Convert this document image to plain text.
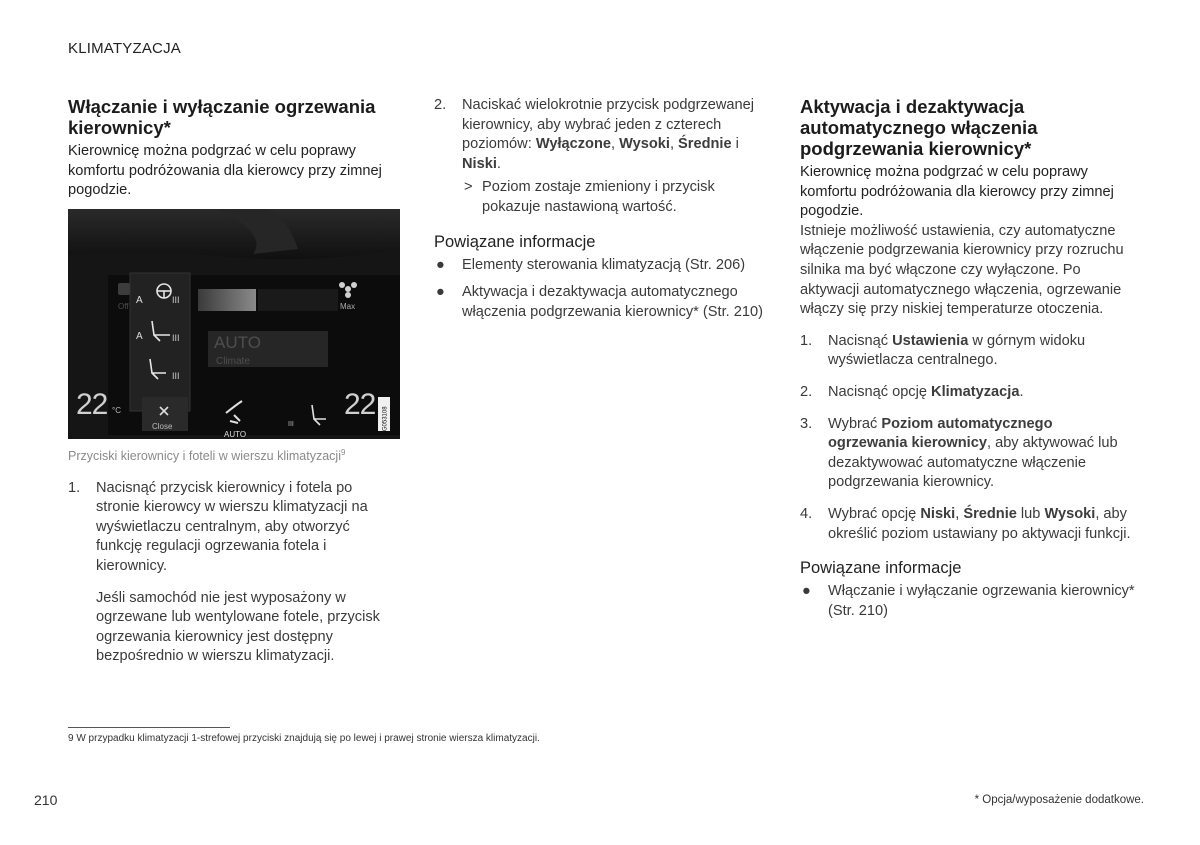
KLIMATYZACJA
Włączanie i wyłączanie ogrzewania kierownicy*

Kierownicę można podgrzać w celu poprawy komfortu podróżowania dla kierowcy przy zimnej pogodzie.

Off
A	III
A	III
III
Max
AUTO
Climate
22 °C
Close
AUTO
III
22	G053108

Przyciski kierownicy i foteli w wierszu klimatyzacji$^9$

1. Nacisnąć przycisk kierownicy i fotela po stronie kierowcy w wierszu klimatyzacji na wyświetlaczu centralnym, aby otworzyć funkcję regulacji ogrzewania fotela i kierownicy.

Jeśli samochód nie jest wyposażony w ogrzewane lub wentylowane fotele, przycisk ogrzewania kierownicy jest dostępny bezpośrednio w wierszu klimatyzacji.

2. Naciskać wielokrotnie przycisk podgrzewanej kierownicy, aby wybrać jeden z czterech poziomów: Wyłączone, Wysoki, Średnie i Niski.
> Poziom zostaje zmieniony i przycisk pokazuje nastawioną wartość.
Powiązane informacje
● Elementy sterowania klimatyzacją (Str. 206)
● Aktywacja i dezaktywacja automatycznego włączenia podgrzewania kierownicy* (Str. 210)
Aktywacja i dezaktywacja automatycznego włączenia podgrzewania kierownicy*

Kierownicę można podgrzać w celu poprawy komfortu podróżowania dla kierowcy przy zimnej pogodzie.

Istnieje możliwość ustawienia, czy automatyczne włączenie podgrzewania kierownicy przy rozruchu silnika ma być włączone czy wyłączone. Po aktywacji automatycznego włączenia, ogrzewanie włączy się przy niskiej temperaturze otoczenia.

1. Nacisnąć Ustawienia w górnym widoku wyświetlacza centralnego.
2. Nacisnąć opcję Klimatyzacja.
3. Wybrać Poziom automatycznego ogrzewania kierownicy, aby aktywować lub dezaktywować automatyczne włączenie podgrzewania kierownicy.
4. Wybrać opcję Niski, Średnie lub Wysoki, aby określić poziom ustawiany po aktywacji funkcji.
Powiązane informacje
● Włączanie i wyłączanie ogrzewania kierownicy* (Str. 210)
9 W przypadku klimatyzacji 1-strefowej przyciski znajdują się po lewej i prawej stronie wiersza klimatyzacji.
210	* Opcja/wyposażenie dodatkowe.
